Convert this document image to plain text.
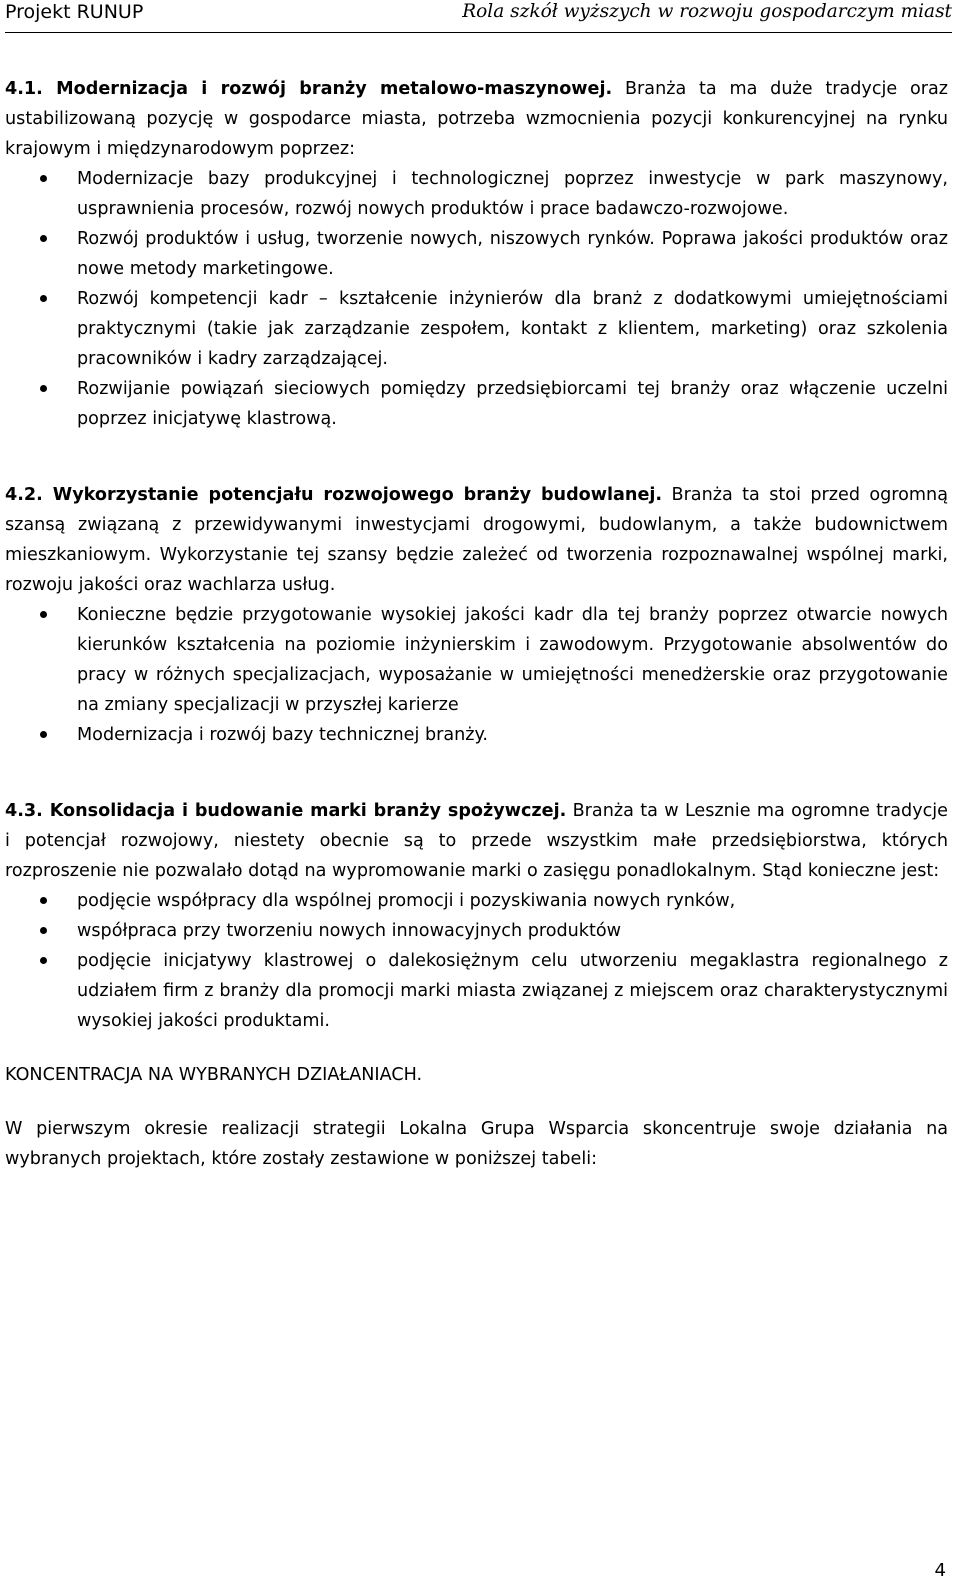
Projekt RUNUP	Rola szkół wyższych w rozwoju gospodarczym miast

4.1. Modernizacja i rozwój branży metalowo-maszynowej. Branża ta ma duże tradycje oraz ustabilizowaną pozycję w gospodarce miasta, potrzeba wzmocnienia pozycji konkurencyjnej na rynku krajowym i międzynarodowym poprzez:

Modernizacje bazy produkcyjnej i technologicznej poprzez inwestycje w park maszynowy, usprawnienia procesów, rozwój nowych produktów i prace badawczo-rozwojowe.
Rozwój produktów i usług, tworzenie nowych, niszowych rynków. Poprawa jakości produktów oraz nowe metody marketingowe.
Rozwój kompetencji kadr – kształcenie inżynierów dla branż z dodatkowymi umiejętnościami praktycznymi (takie jak zarządzanie zespołem, kontakt z klientem, marketing) oraz szkolenia pracowników i kadry zarządzającej.
Rozwijanie powiązań sieciowych pomiędzy przedsiębiorcami tej branży oraz włączenie uczelni poprzez inicjatywę klastrową.

4.2. Wykorzystanie potencjału rozwojowego branży budowlanej. Branża ta stoi przed ogromną szansą związaną z przewidywanymi inwestycjami drogowymi, budowlanym, a także budownictwem mieszkaniowym. Wykorzystanie tej szansy będzie zależeć od tworzenia rozpoznawalnej wspólnej marki, rozwoju jakości oraz wachlarza usług.

Konieczne będzie przygotowanie wysokiej jakości kadr dla tej branży poprzez otwarcie nowych kierunków kształcenia na poziomie inżynierskim i zawodowym. Przygotowanie absolwentów do pracy w różnych specjalizacjach, wyposażanie w umiejętności menedżerskie oraz przygotowanie na zmiany specjalizacji w przyszłej karierze
Modernizacja i rozwój bazy technicznej branży.

4.3. Konsolidacja i budowanie marki branży spożywczej. Branża ta w Lesznie ma ogromne tradycje i potencjał rozwojowy, niestety obecnie są to przede wszystkim małe przedsiębiorstwa, których rozproszenie nie pozwalało dotąd na wypromowanie marki o zasięgu ponadlokalnym. Stąd konieczne jest:

podjęcie współpracy dla wspólnej promocji i pozyskiwania nowych rynków,
współpraca przy tworzeniu nowych innowacyjnych produktów
podjęcie inicjatywy klastrowej o dalekosiężnym celu utworzeniu megaklastra regionalnego z udziałem firm z branży dla promocji marki miasta związanej z miejscem oraz charakterystycznymi wysokiej jakości produktami.

KONCENTRACJA NA WYBRANYCH DZIAŁANIACH.

W pierwszym okresie realizacji strategii Lokalna Grupa Wsparcia skoncentruje swoje działania na wybranych projektach, które zostały zestawione w poniższej tabeli:

4
